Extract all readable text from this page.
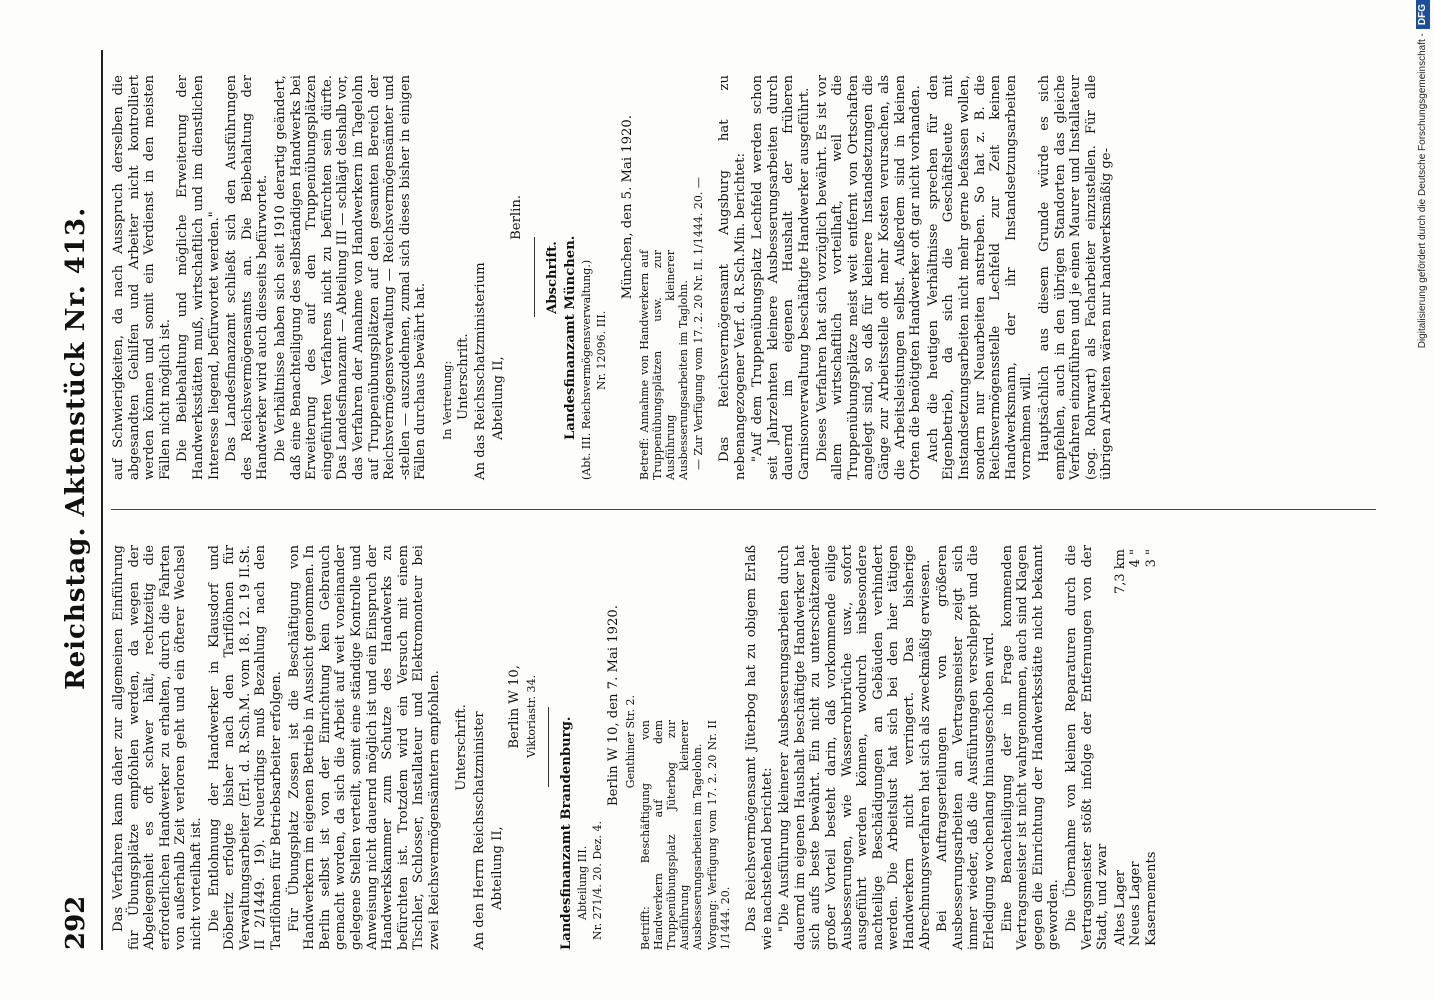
292
Reichstag. Aktenstück Nr. 413.

Das Verfahren kann daher zur allgemeinen Einführung für Übungsplätze empfohlen werden, da wegen der Abgelegenheit es oft schwer hält, rechtzeitig die erforderlichen Handwerker zu erhalten, durch die Fahrten von außerhalb Zeit verloren geht und ein öfterer Wechsel nicht vorteilhaft ist. Die Entlohnung der Handwerker in Klausdorf und Döberitz erfolgte bisher nach den Tariflöhnen für Verwaltungsarbeiter (Erl. d. R.Sch.M. vom 18. 12. 19 II.St. II 2/1449. 19). Neuerdings muß Bezahlung nach den Tariflöhnen für Betriebsarbeiter erfolgen. Für Übungsplatz Zossen ist die Beschäftigung von Handwerkern im eigenen Betrieb in Aussicht genommen. In Berlin selbst ist von der Einrichtung kein Gebrauch gemacht worden, da sich die Arbeit auf weit voneinander gelegene Stellen verteilt, somit eine ständige Kontrolle und Anweisung nicht dauernd möglich ist und ein Einspruch der Handwerkskammer zum Schutze des Handwerks zu befürchten ist. Trotzdem wird ein Versuch mit einem Tischler, Schlosser, Installateur und Elektromonteur bei zwei Reichsvermögensämtern empfohlen. Unterschrift. An den Herrn Reichsschatzminister Abteilung II,

Berlin W 10, Viktoriastr. 34.

Landesfinanzamt Brandenburg. Abteilung III. Nr. 271/4. 20. Dez. 4.

Berlin W 10, den 7. Mai 1920. Genthiner Str. 2. Betrifft: Beschäftigung von Handwerkern auf dem Truppenübungsplatz Jüterbog zur Ausführung kleinerer Ausbesserungsarbeiten im Tagelohn. Vorgang: Verfügung vom 17. 2. 20 Nr. II 1/1444. 20. Das Reichsvermögensamt Jüterbog hat zu obigem Erlaß wie nachstehend berichtet: "Die Ausführung kleinerer Ausbesserungsarbeiten durch dauernd im eigenen Haushalt beschäftigte Handwerker hat sich aufs beste bewährt. Ein nicht zu unterschätzender großer Vorteil besteht darin, daß vorkommende eilige Ausbesserungen, wie Wasserrohrbrüche usw., sofort ausgeführt werden können, wodurch insbesondere nachteilige Beschädigungen an Gebäuden verhindert werden. Die Arbeitslust hat sich bei den hier tätigen Handwerkern nicht verringert. Das bisherige Abrechnungsverfahren hat sich als zweckmäßig erwiesen. Bei Auftragserteilungen von größeren Ausbesserungsarbeiten an Vertragsmeister zeigt sich immer wieder, daß die Ausführungen verschleppt und die Erledigung wochenlang hinausgeschoben wird. Eine Benachteiligung der in Frage kommenden Vertragsmeister ist nicht wahrgenommen, auch sind Klagen gegen die Einrichtung der Handwerksstätte nicht bekannt geworden. Die Übernahme von kleinen Reparaturen durch die Vertragsmeister stößt infolge der Entfernungen von der Stadt, und zwar Altes Lager	7,3 km
Neues Lager	4 "
Kasernements	3 "

auf Schwierigkeiten, da nach Ausspruch derselben die abgesandten Gehilfen und Arbeiter nicht kontrolliert werden können und somit ein Verdienst in den meisten Fällen nicht möglich ist. Die Beibehaltung und mögliche Erweiterung der Handwerksstätten muß, wirtschaftlich und im dienstlichen Interesse liegend, befürwortet werden." Das Landesfinanzamt schließt sich den Ausführungen des Reichsvermögensamts an. Die Beibehaltung der Handwerker wird auch diesseits befürwortet. Die Verhältnisse haben sich seit 1910 derartig geändert, daß eine Benachteiligung des selbständigen Handwerks bei Erweiterung des auf den Truppenübungsplätzen eingeführten Verfahrens nicht zu befürchten sein dürfte. Das Landesfinanzamt — Abteilung III — schlägt deshalb vor, das Verfahren der Annahme von Handwerkern im Tagelohn auf Truppenübungsplätzen auf den gesamten Bereich der Reichsvermögensverwaltung — Reichsvermögensämter und -stellen — auszudehnen, zumal sich dieses bisher in einigen Fällen durchaus bewährt hat. In Vertretung: Unterschrift. An das Reichsschatzministerium Abteilung II,

Berlin.

Abschrift. Landesfinanzamt München. (Abt. III. Reichsvermögensverwaltung.) Nr. 12096. III.

München, den 5. Mai 1920.

Betreff: Annahme von Handwerkern auf Truppenübungsplätzen usw. zur Ausführung kleinerer Ausbesserungsarbeiten im Taglohn. — Zur Verfügung vom 17. 2. 20 Nr. II. 1/1444. 20. — Das Reichsvermögensamt Augsburg hat zu nebenangezogener Verf. d. R.Sch.Min. berichtet: "Auf dem Truppenübungsplatz Lechfeld werden schon seit Jahrzehnten kleinere Ausbesserungsarbeiten durch dauernd im eigenen Haushalt der früheren Garnisonverwaltung beschäftigte Handwerker ausgeführt. Dieses Verfahren hat sich vorzüglich bewährt. Es ist vor allem wirtschaftlich vorteilhaft, weil die Truppenübungsplätze meist weit entfernt von Ortschaften angelegt sind, so daß für kleinere Instandsetzungen die Gänge zur Arbeitsstelle oft mehr Kosten verursachen, als die Arbeitsleistungen selbst. Außerdem sind in kleinen Orten die benötigten Handwerker oft gar nicht vorhanden. Auch die heutigen Verhältnisse sprechen für den Eigenbetrieb, da sich die Geschäftsleute mit Instandsetzungsarbeiten nicht mehr gerne befassen wollen, sondern nur Neuarbeiten anstreben. So hat z. B. die Reichsvermögensstelle Lechfeld zur Zeit keinen Handwerksmann, der ihr Instandsetzungsarbeiten vornehmen will. Hauptsächlich aus diesem Grunde würde es sich empfehlen, auch in den übrigen Standorten das gleiche Verfahren einzuführen und je einen Maurer und Installateur (sog. Rohrwart) als Facharbeiter einzustellen. Für alle übrigen Arbeiten wären nur handwerksmäßig ge-	Digitalisierung gefördert durch die Deutsche Forschungsgemeinschaft -DFG
